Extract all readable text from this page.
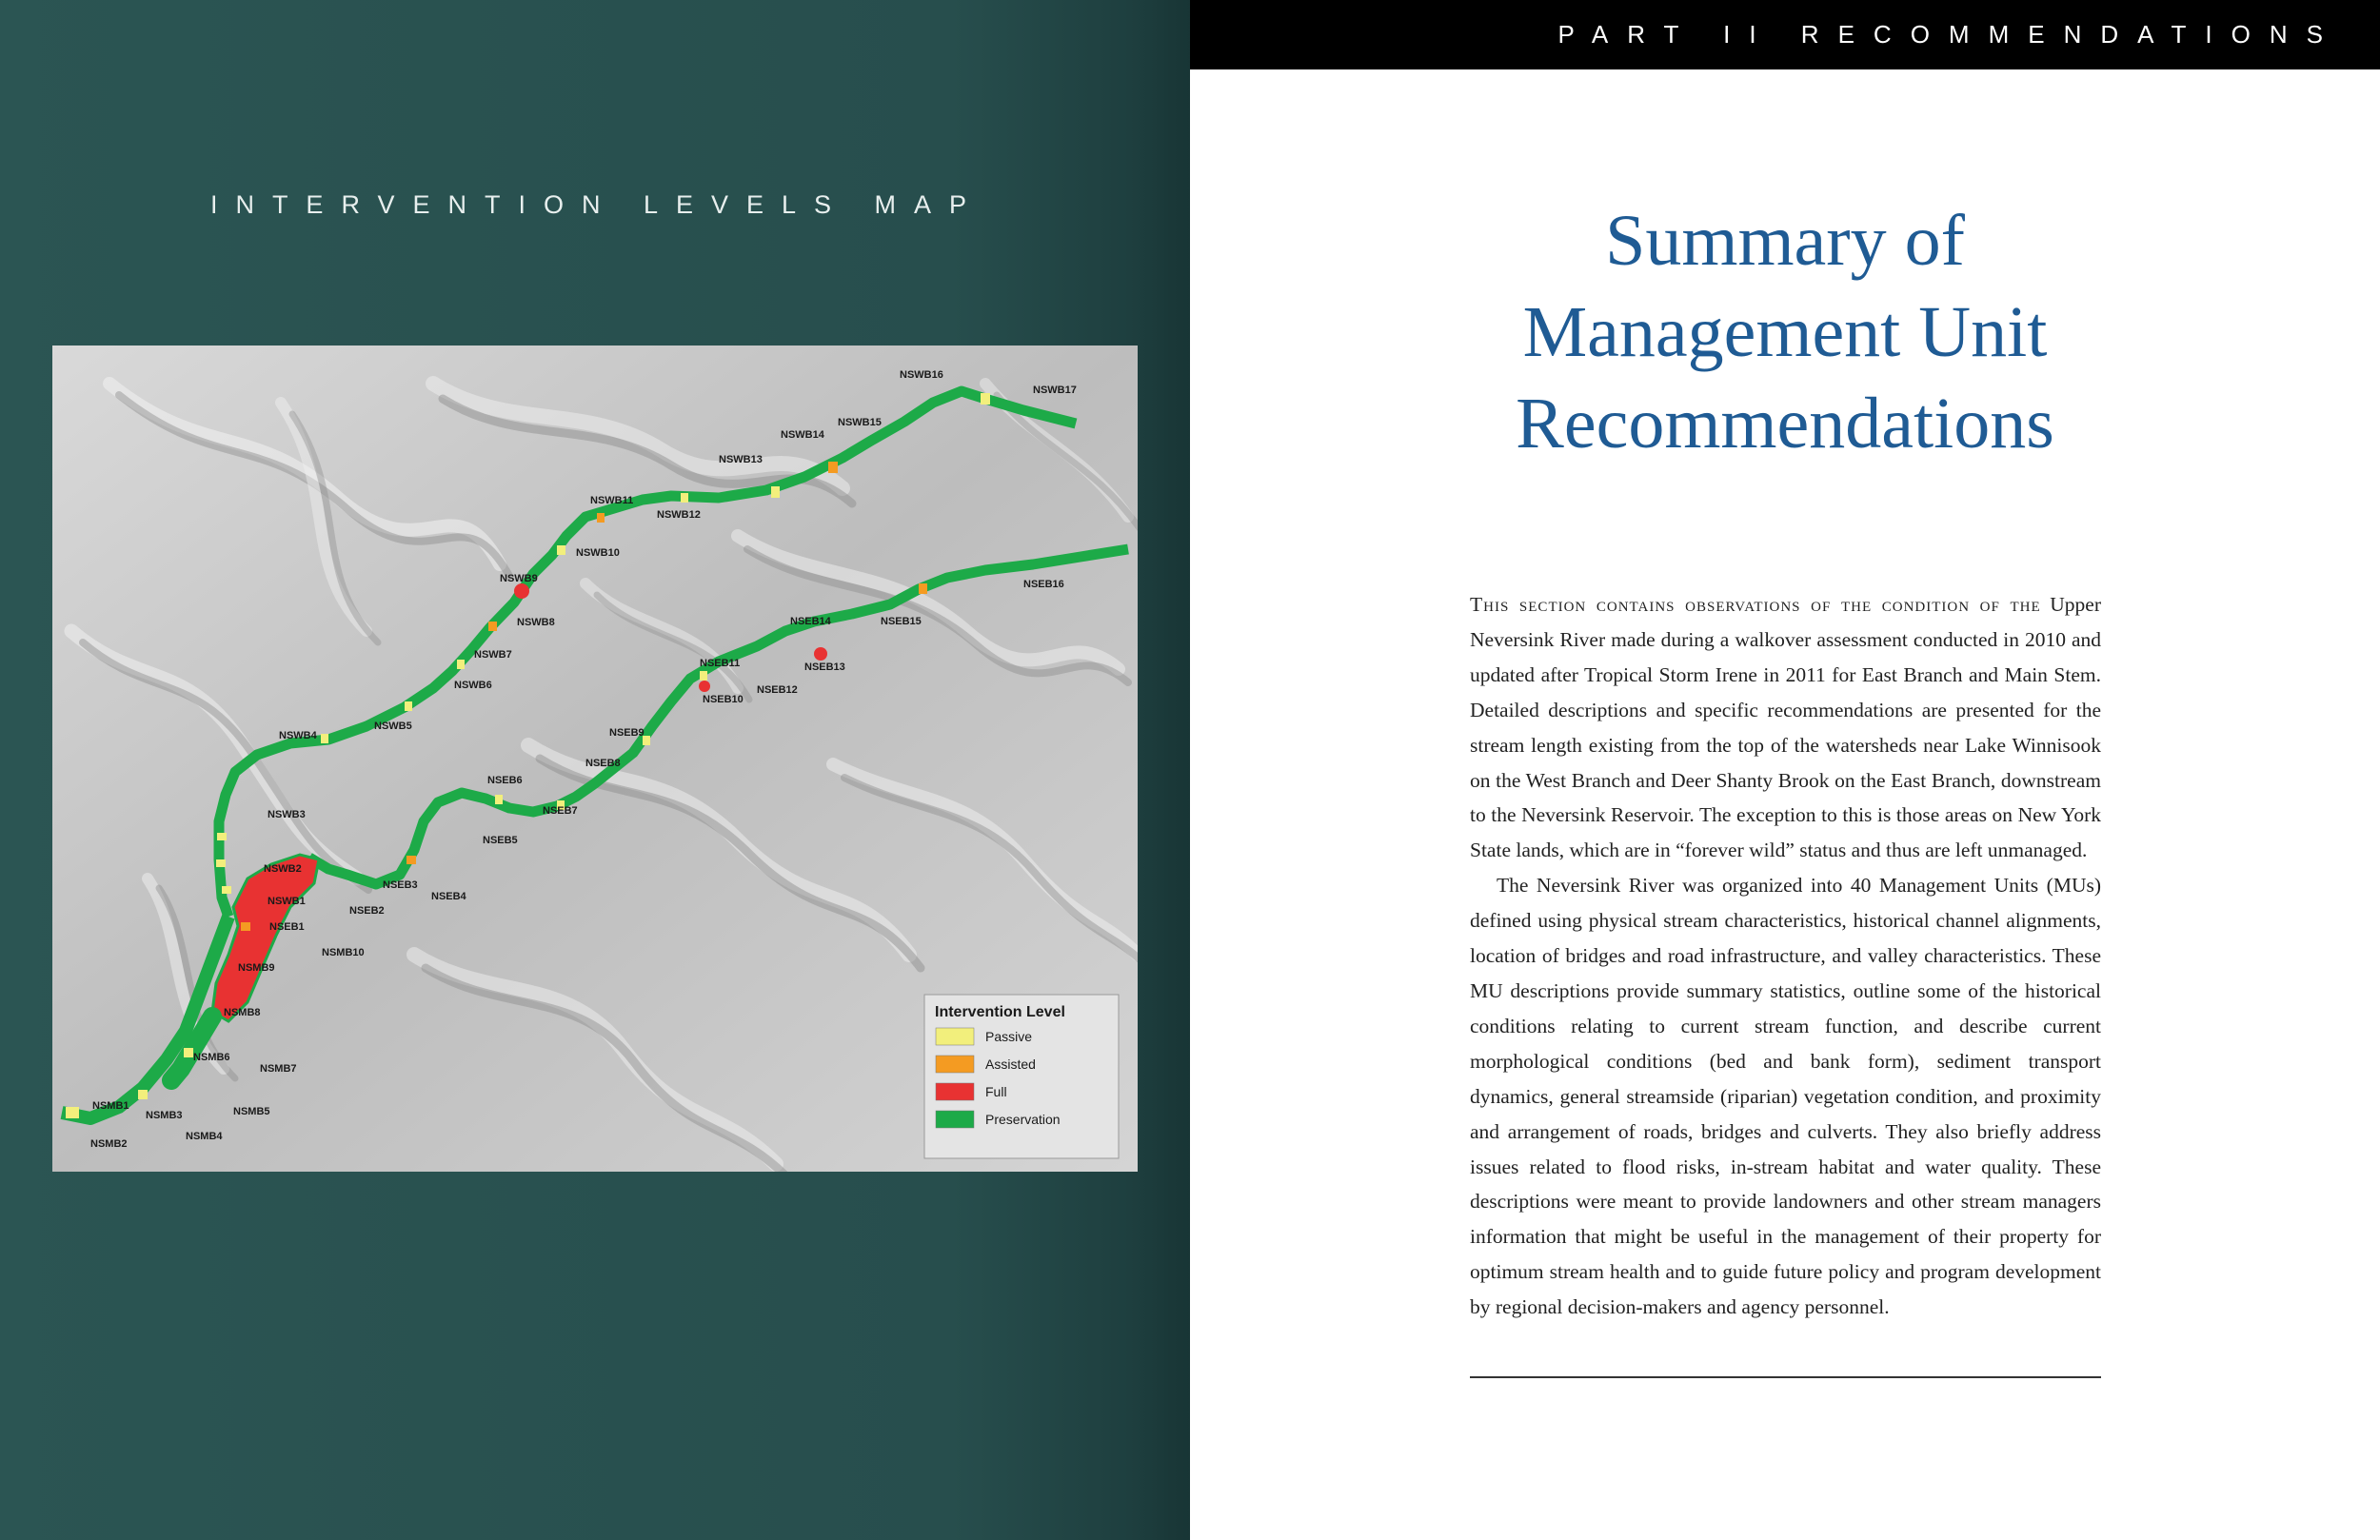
INTERVENTION LEVELS MAP
NSWB16
NSWB17
NSWB14
NSWB15
NSWB13
NSWB11
NSWB12
NSWB10
NSWB9
NSWB8
NSWB7
NSWB6
NSWB5
NSWB4
NSWB3
NSWB2
NSWB1
NSEB16
NSEB14	NSEB15
NSEB13
NSEB11
NSEB12
NSEB10
NSEB9
NSEB8
NSEB6
NSEB7
NSEB5
NSEB3
NSEB4
NSEB2
NSEB1
NSMB10
NSMB9
NSMB8
NSMB6
NSMB7
NSMB5
NSMB1
NSMB3
NSMB4
NSMB2
Intervention Level
Passive
Assisted
Full
Preservation
PART II RECOMMENDATIONS
Summary of
Management Unit
Recommendations

This section contains observations of the condition of the Upper Neversink River made during a walkover assessment conducted in 2010 and updated after Tropical Storm Irene in 2011 for East Branch and Main Stem. Detailed descriptions and specific recommendations are presented for the stream length existing from the top of the watersheds near Lake Winnisook on the West Branch and Deer Shanty Brook on the East Branch, downstream to the Neversink Reservoir. The exception to this is those areas on New York State lands, which are in “forever wild” status and thus are left unmanaged.

The Neversink River was organized into 40 Management Units (MUs) defined using physical stream characteristics, historical channel alignments, location of bridges and road infrastructure, and valley characteristics. These MU descriptions provide summary statistics, outline some of the historical conditions relating to current stream function, and describe current morphological conditions (bed and bank form), sediment transport dynamics, general streamside (riparian) vegetation condition, and proximity and arrangement of roads, bridges and culverts. They also briefly address issues related to flood risks, in-stream habitat and water quality. These descriptions were meant to provide landowners and other stream managers information that might be useful in the management of their property for optimum stream health and to guide future policy and program development by regional decision-makers and agency personnel.
